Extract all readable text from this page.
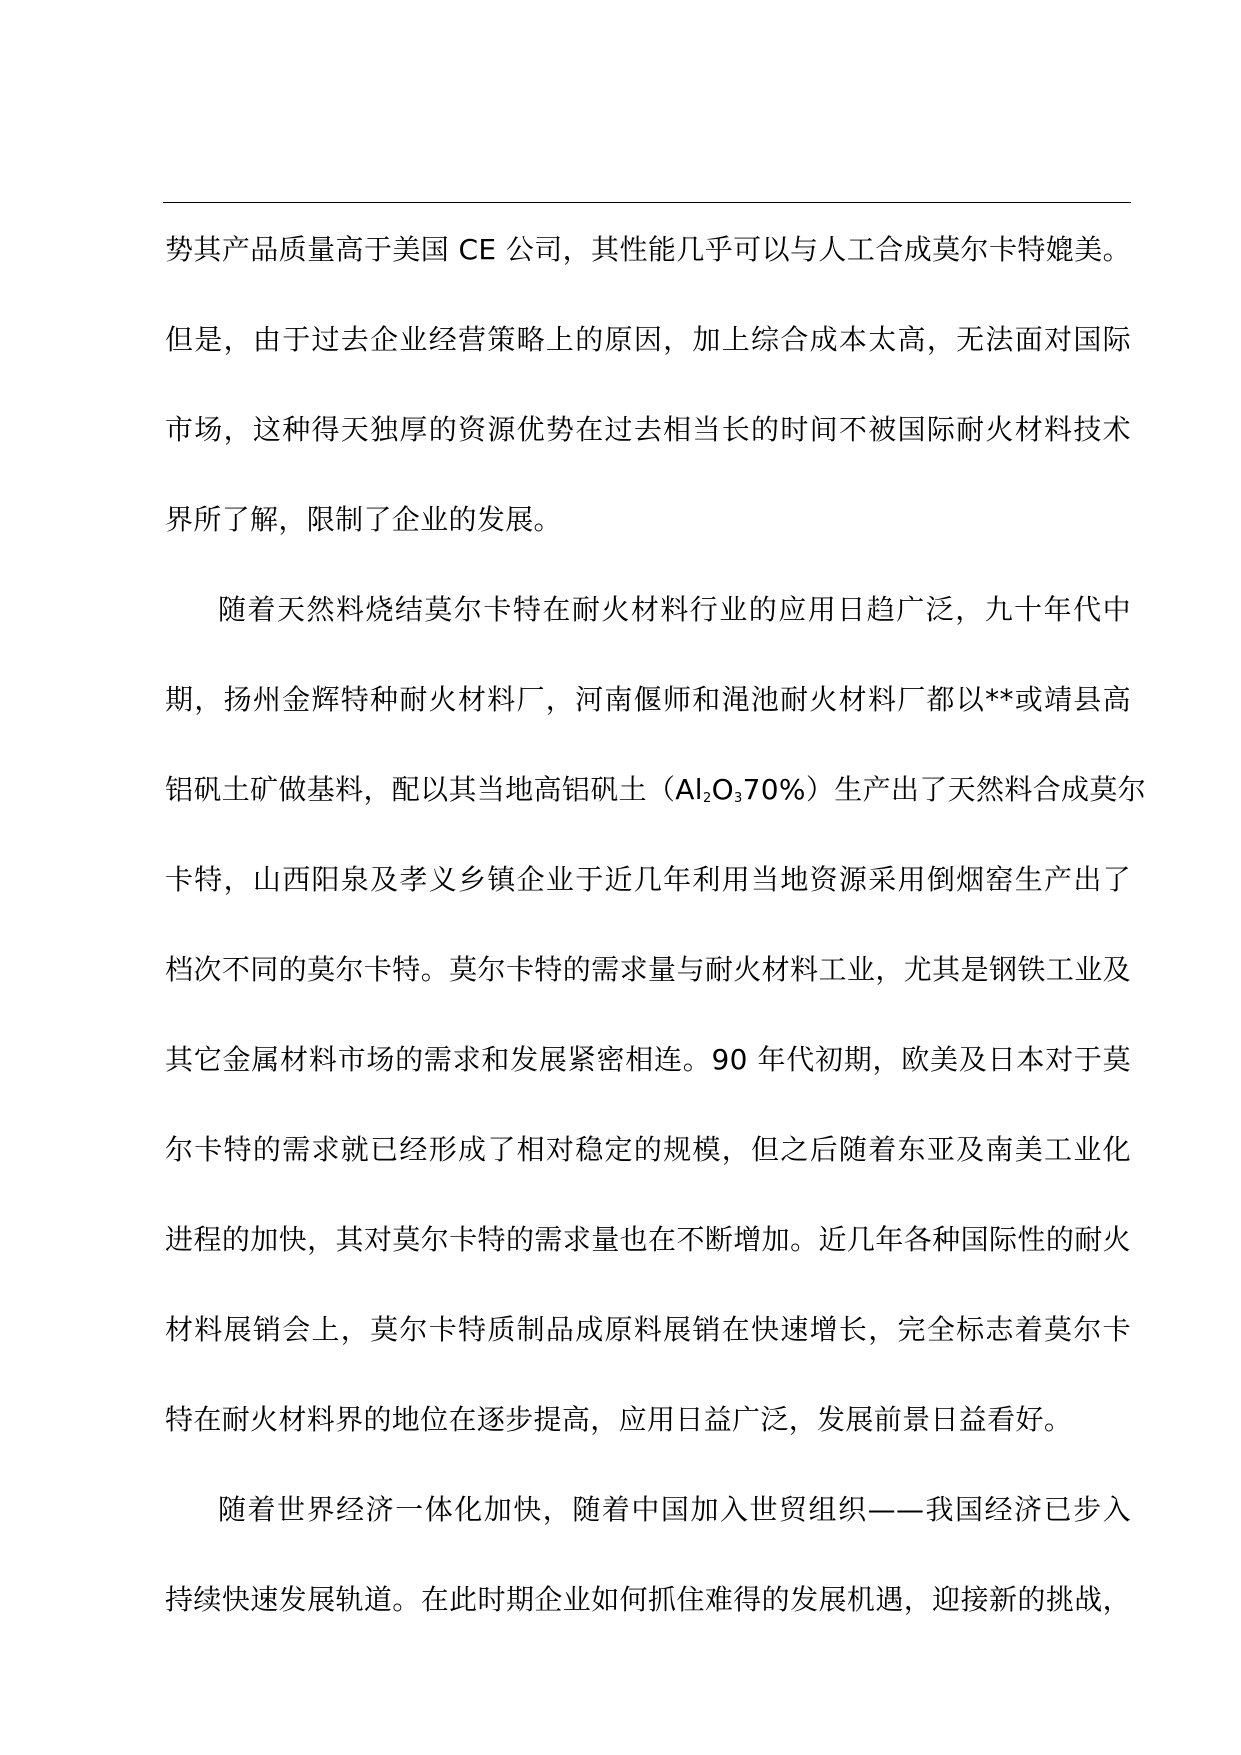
势其产品质量高于美国 CE 公司，其性能几乎可以与人工合成莫尔卡特媲美。
但是，由于过去企业经营策略上的原因，加上综合成本太高，无法面对国际
市场，这种得天独厚的资源优势在过去相当长的时间不被国际耐火材料技术
界所了解，限制了企业的发展。
随着天然料烧结莫尔卡特在耐火材料行业的应用日趋广泛，九十年代中
期，扬州金辉特种耐火材料厂，河南偃师和渑池耐火材料厂都以**或靖县高
铝矾土矿做基料，配以其当地高铝矾土$(Al_2O_370\%)$生产出了天然料合成莫尔
卡特，山西阳泉及孝义乡镇企业于近几年利用当地资源采用倒烟窑生产出了
档次不同的莫尔卡特。莫尔卡特的需求量与耐火材料工业，尤其是钢铁工业及
其它金属材料市场的需求和发展紧密相连。90 年代初期，欧美及日本对于莫
尔卡特的需求就已经形成了相对稳定的规模，但之后随着东亚及南美工业化
进程的加快，其对莫尔卡特的需求量也在不断增加。近几年各种国际性的耐火
材料展销会上，莫尔卡特质制品成原料展销在快速增长，完全标志着莫尔卡
特在耐火材料界的地位在逐步提高，应用日益广泛，发展前景日益看好。
随着世界经济一体化加快，随着中国加入世贸组织——我国经济已步入
持续快速发展轨道。在此时期企业如何抓住难得的发展机遇，迎接新的挑战，
